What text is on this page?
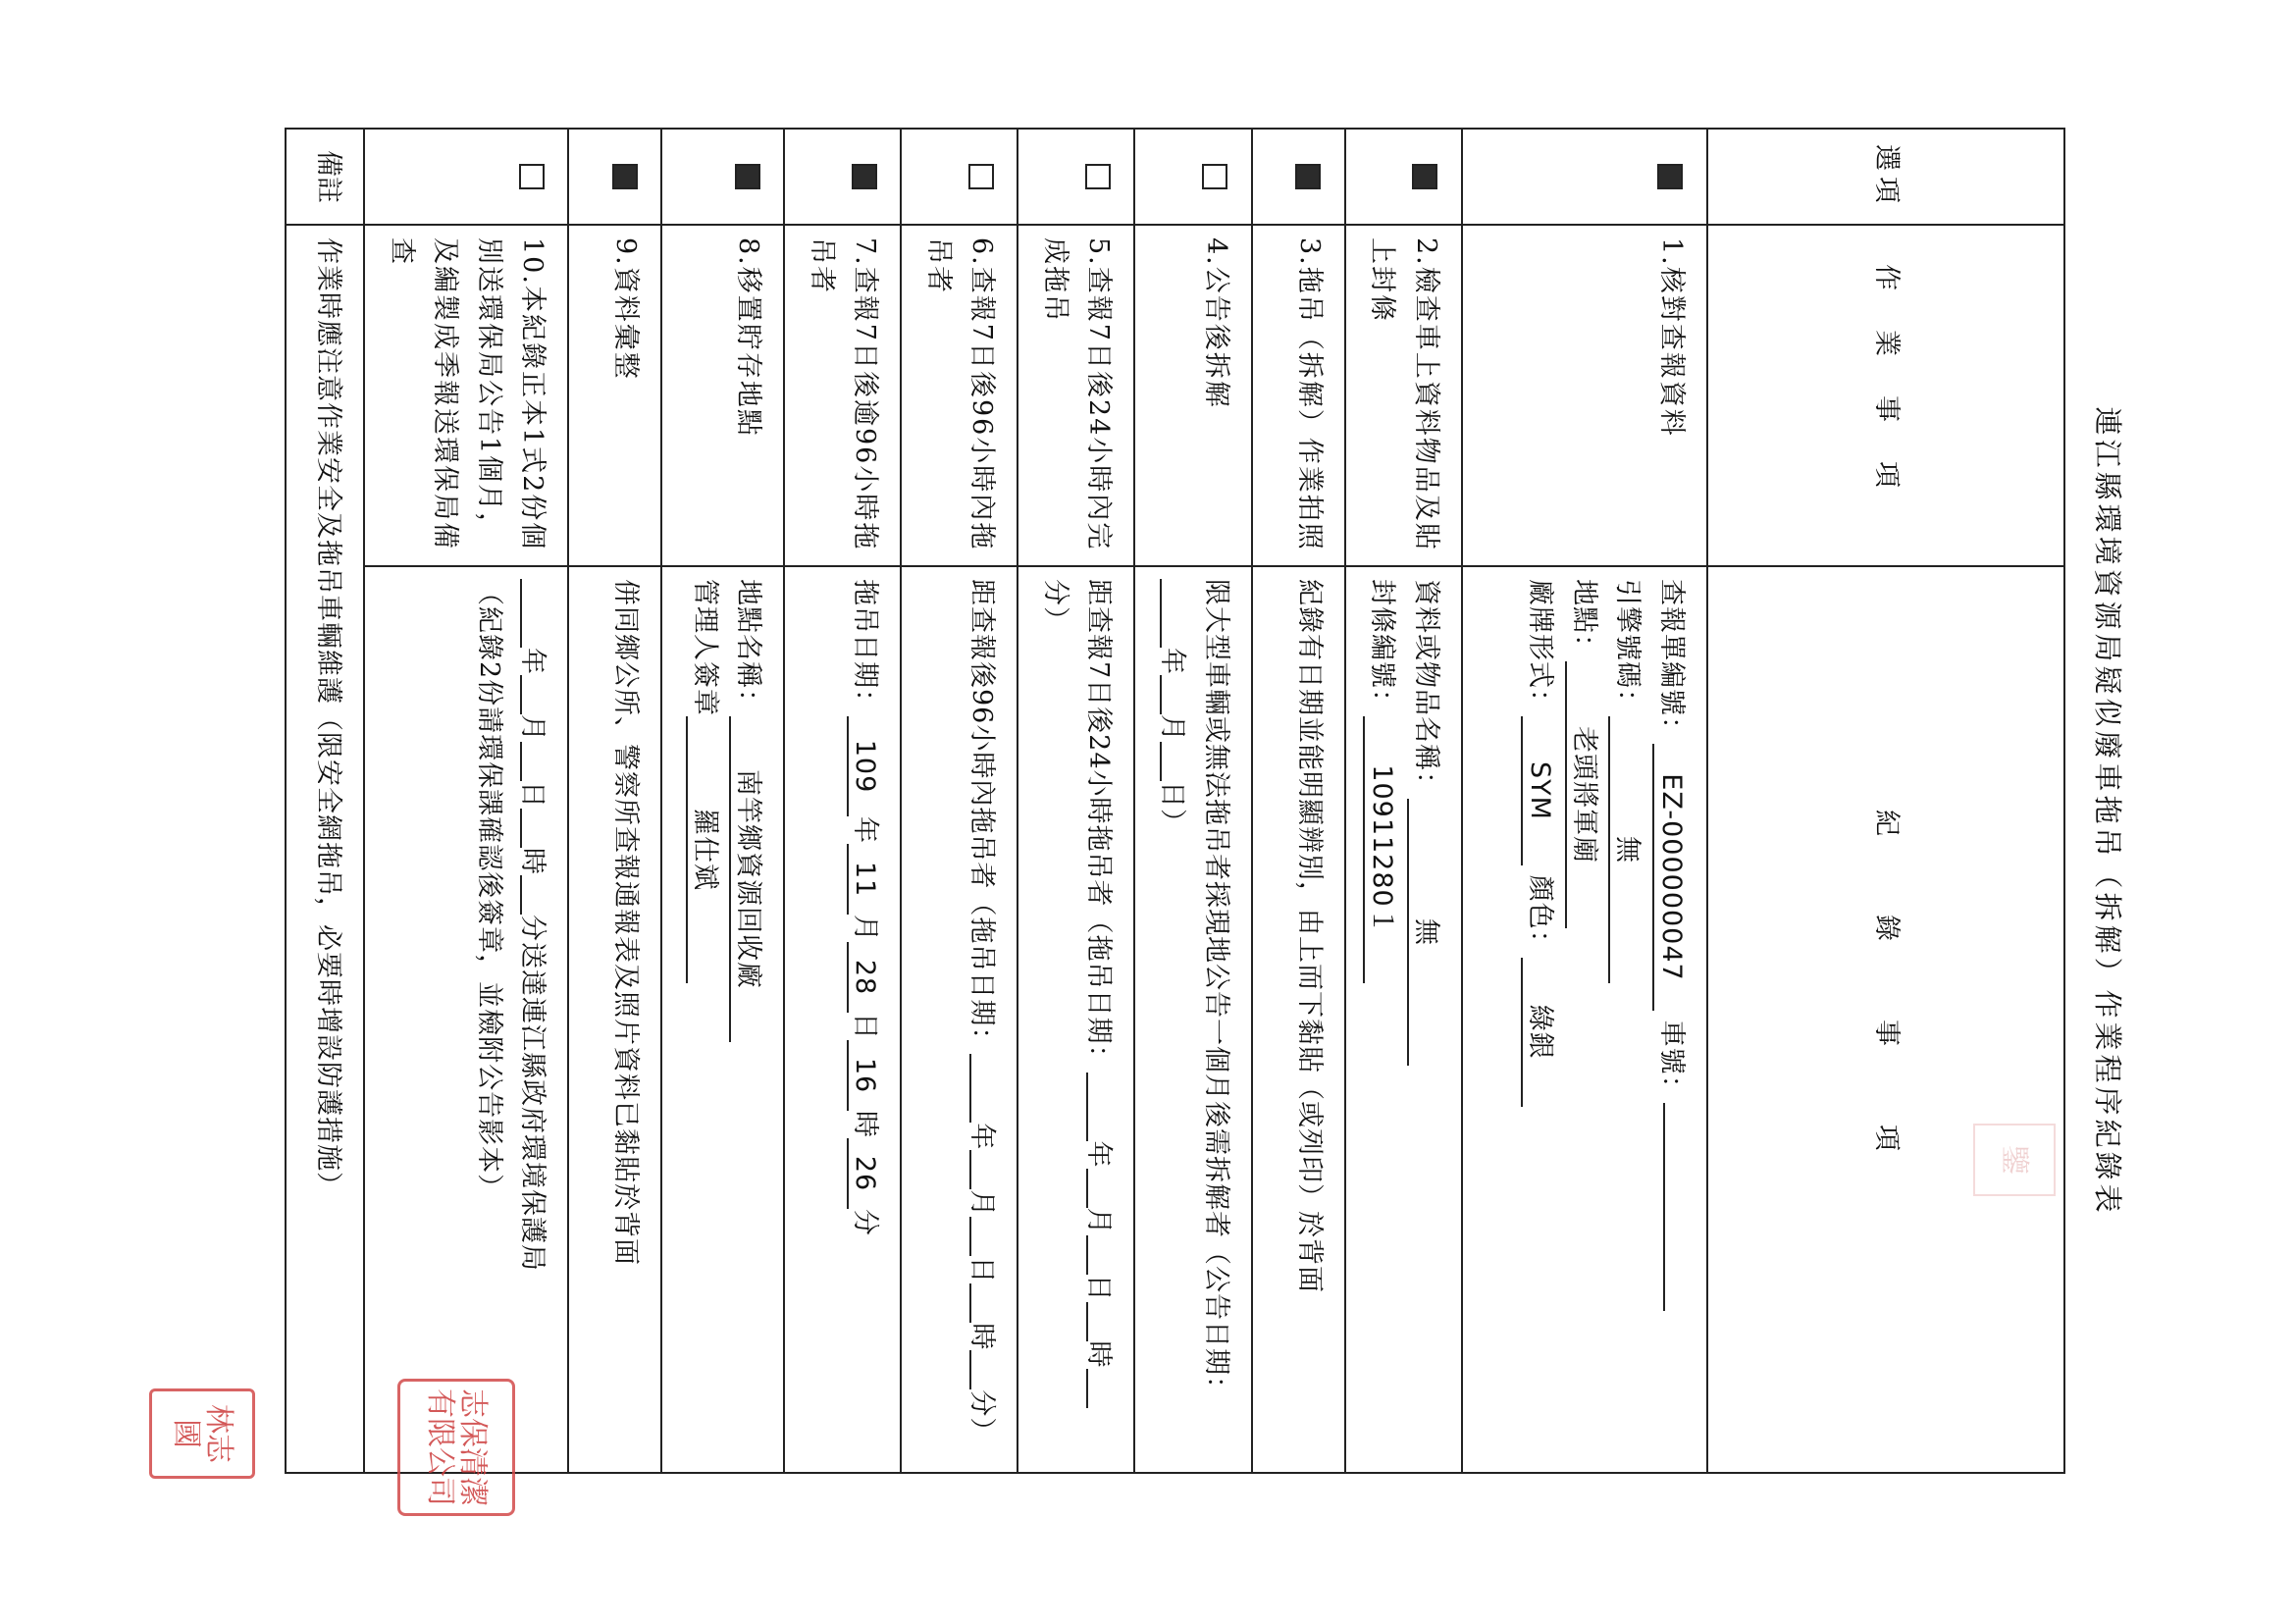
連江縣環境資源局疑似廢車拖吊（拆解）作業程序紀錄表
選項	作業事項	紀錄事項
	1.核對查報資料	查報單編號：EZ-000000047 車號：
引擎號碼：無
地點：老頭將軍廟
廠牌形式：SYM 顏色：綠銀

	2.檢查車上資料物品及貼上封條	資料或物品名稱：無
封條編號：10911280１

	3.拖吊（拆解）作業拍照	紀錄有日期並能明顯辨別，由上而下黏貼（或列印）於背面
	4.公告後拆解	限大型車輛或無法拖吊者採現地公告一個月後需拆解者（公告日期：年月日）
	5.查報7日後24小時內完成拖吊	距查報7日後24小時拖吊者（拖吊日期：年月日時分）
	6.查報7日後96小時內拖吊者	距查報後96小時內拖吊者（拖吊日期：年月日時分）
	7.查報7日後逾96小時拖吊者	拖吊日期：109年11月28日16時26分
	8.移置貯存地點	地點名稱：南竿鄉資源回收廠
管理人簽章羅仕斌

	9.資料彙整	併同鄉公所、警察所查報通報表及照片資料已黏貼於背面
	10.本紀錄正本1式2份個別送環保局公告1個月，及編製成季報送環保局備查	年月日時分送達連江縣政府環境保護局
（紀錄2份請環保課確認後簽章，並檢附公告影本）

備註	作業時應注意作業安全及拖吊車輛維護（限安全網拖吊，必要時增設防護措施）	
志保清潔有限公司
林志國
鑒
